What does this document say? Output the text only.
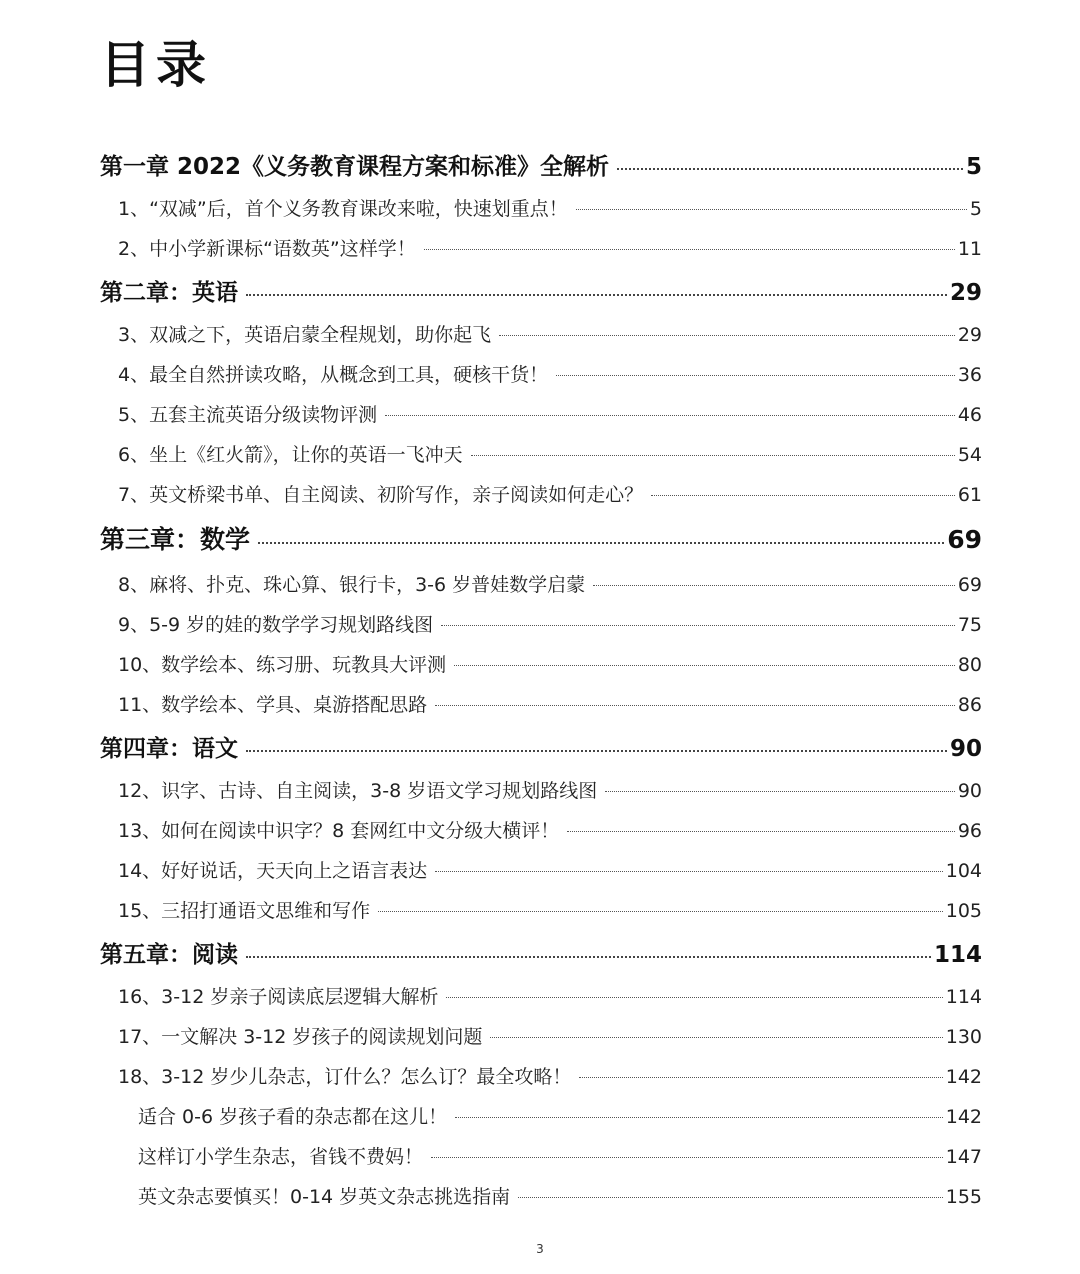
目录
第一章 2022《义务教育课程方案和标准》全解析	5
1、“双减”后，首个义务教育课改来啦，快速划重点！	5
2、中小学新课标“语数英”这样学！	11
第二章：英语	29
3、双减之下，英语启蒙全程规划，助你起飞	29
4、最全自然拼读攻略，从概念到工具，硬核干货！	36
5、五套主流英语分级读物评测	46
6、坐上《红火箭》，让你的英语一飞冲天	54
7、英文桥梁书单、自主阅读、初阶写作，亲子阅读如何走心？	61
第三章：数学	69
8、麻将、扑克、珠心算、银行卡，3-6 岁普娃数学启蒙	69
9、5-9 岁的娃的数学学习规划路线图	75
10、数学绘本、练习册、玩教具大评测	80
11、数学绘本、学具、桌游搭配思路	86
第四章：语文	90
12、识字、古诗、自主阅读，3-8 岁语文学习规划路线图	90
13、如何在阅读中识字？8 套网红中文分级大横评！	96
14、好好说话，天天向上之语言表达	104
15、三招打通语文思维和写作	105
第五章：阅读	114
16、3-12 岁亲子阅读底层逻辑大解析	114
17、一文解决 3-12 岁孩子的阅读规划问题	130
18、3-12 岁少儿杂志，订什么？怎么订？最全攻略！	142
适合 0-6 岁孩子看的杂志都在这儿！	142
这样订小学生杂志，省钱不费妈！	147
英文杂志要慎买！0-14 岁英文杂志挑选指南	155
3
